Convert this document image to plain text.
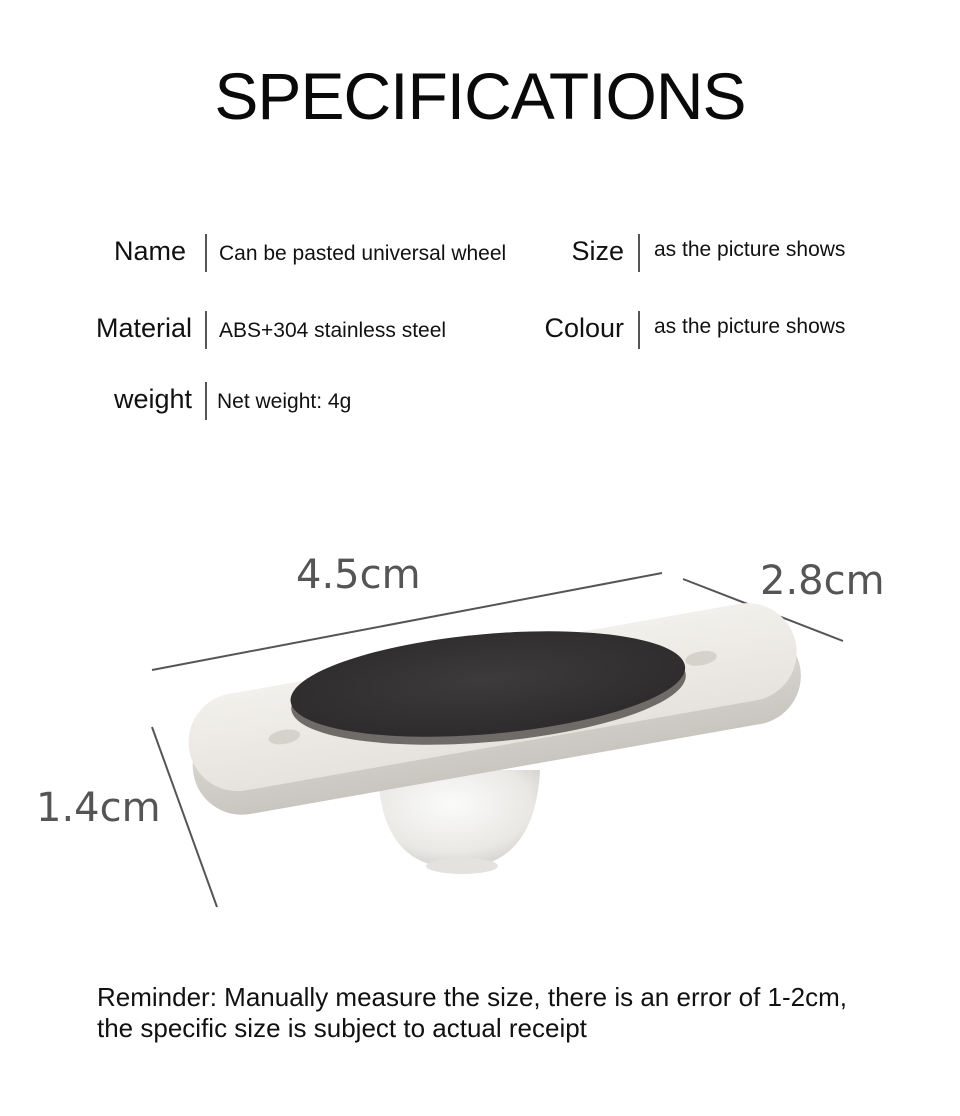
SPECIFICATIONS
Name Can be pasted universal wheel
Material ABS+304 stainless steel
weight Net weight: 4g
Size as the picture shows
Colour as the picture shows
4.5cm	2.8cm
1.4cm
Reminder: Manually measure the size, there is an error of 1-2cm,
the specific size is subject to actual receipt
